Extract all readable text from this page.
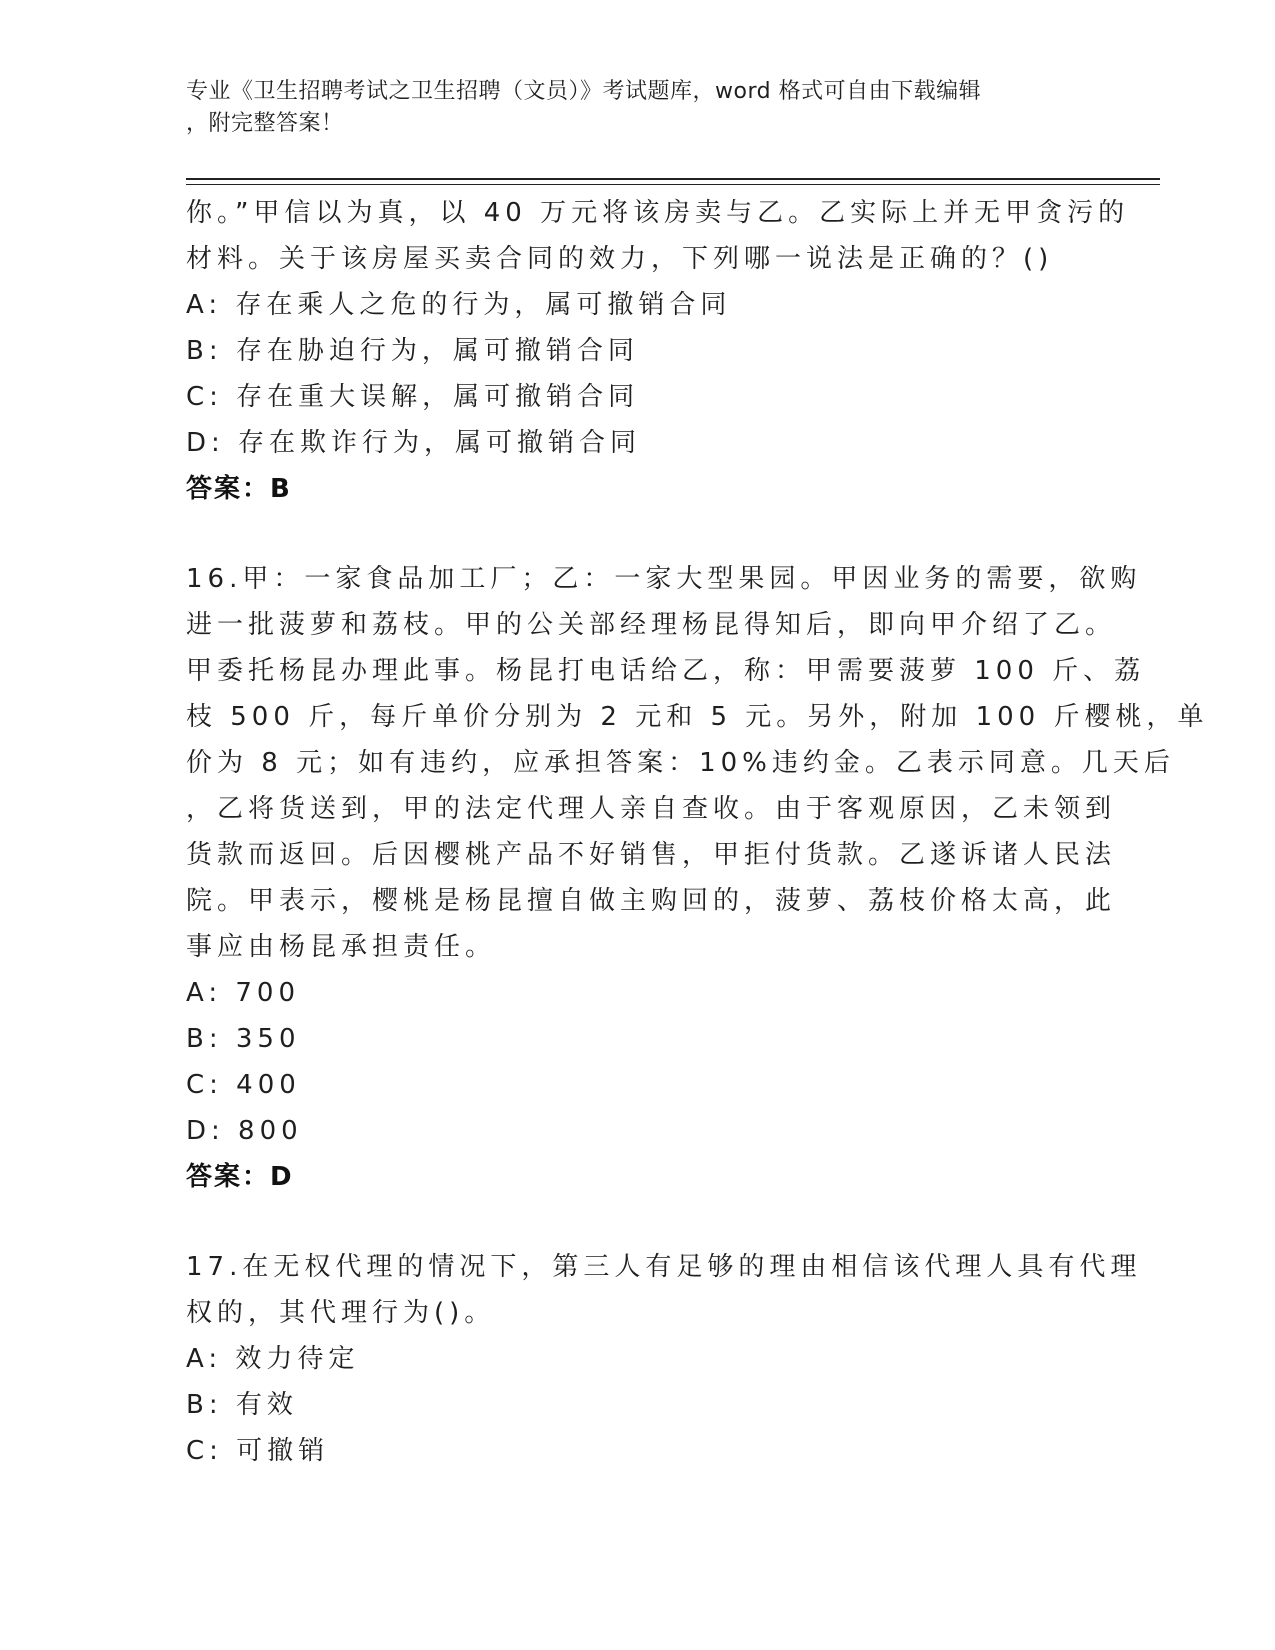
专业《卫生招聘考试之卫生招聘（文员）》考试题库，word 格式可自由下载编辑
，附完整答案！
你。”甲信以为真，以 40 万元将该房卖与乙。乙实际上并无甲贪污的
材料。关于该房屋买卖合同的效力，下列哪一说法是正确的？()
A: 存在乘人之危的行为，属可撤销合同
B: 存在胁迫行为，属可撤销合同
C: 存在重大误解，属可撤销合同
D: 存在欺诈行为，属可撤销合同
答案：B
16.甲：一家食品加工厂；乙：一家大型果园。甲因业务的需要，欲购
进一批菠萝和荔枝。甲的公关部经理杨昆得知后，即向甲介绍了乙。
甲委托杨昆办理此事。杨昆打电话给乙，称：甲需要菠萝 100 斤、荔
枝 500 斤，每斤单价分别为 2 元和 5 元。另外，附加 100 斤樱桃，单
价为 8 元；如有违约，应承担答案：10%违约金。乙表示同意。几天后
，乙将货送到，甲的法定代理人亲自查收。由于客观原因，乙未领到
货款而返回。后因樱桃产品不好销售，甲拒付货款。乙遂诉诸人民法
院。甲表示，樱桃是杨昆擅自做主购回的，菠萝、荔枝价格太高，此
事应由杨昆承担责任。
A: 700
B: 350
C: 400
D: 800
答案：D
17.在无权代理的情况下，第三人有足够的理由相信该代理人具有代理
权的，其代理行为()。
A: 效力待定
B: 有效
C: 可撤销
